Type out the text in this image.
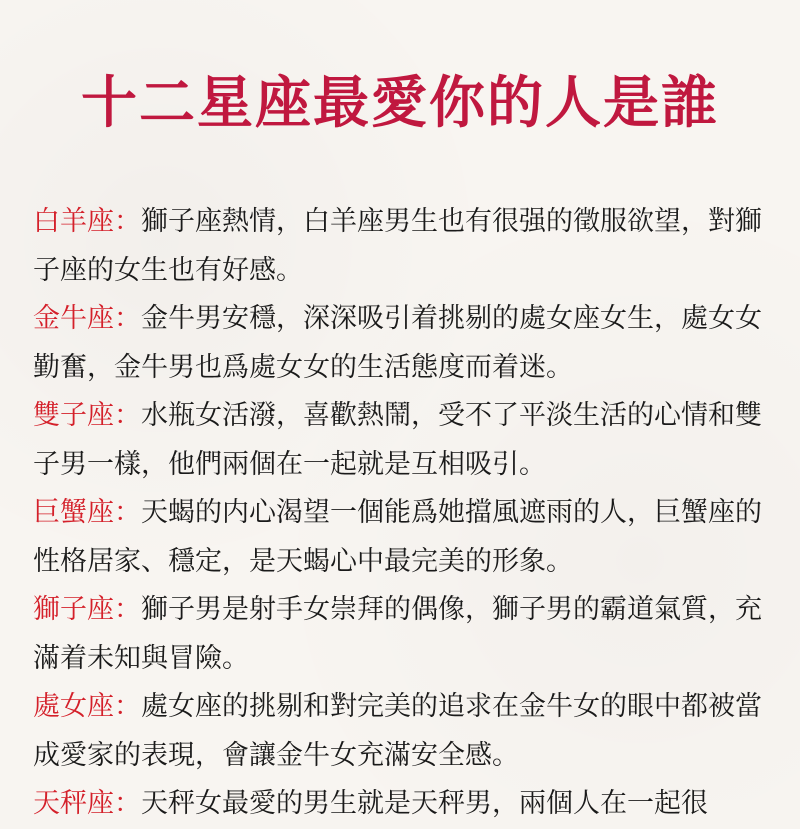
十二星座最愛你的人是誰

白羊座：獅子座熱情，白羊座男生也有很强的徵服欲望，對獅子座的女生也有好感。

金牛座：金牛男安穩，深深吸引着挑剔的處女座女生，處女女勤奮，金牛男也爲處女女的生活態度而着迷。

雙子座：水瓶女活潑，喜歡熱鬧，受不了平淡生活的心情和雙子男一樣，他們兩個在一起就是互相吸引。

巨蟹座：天蝎的内心渴望一個能爲她擋風遮雨的人，巨蟹座的性格居家、穩定，是天蝎心中最完美的形象。

獅子座：獅子男是射手女崇拜的偶像，獅子男的霸道氣質，充滿着未知與冒險。

處女座：處女座的挑剔和對完美的追求在金牛女的眼中都被當成愛家的表現，會讓金牛女充滿安全感。

天秤座：天秤女最愛的男生就是天秤男，兩個人在一起很
